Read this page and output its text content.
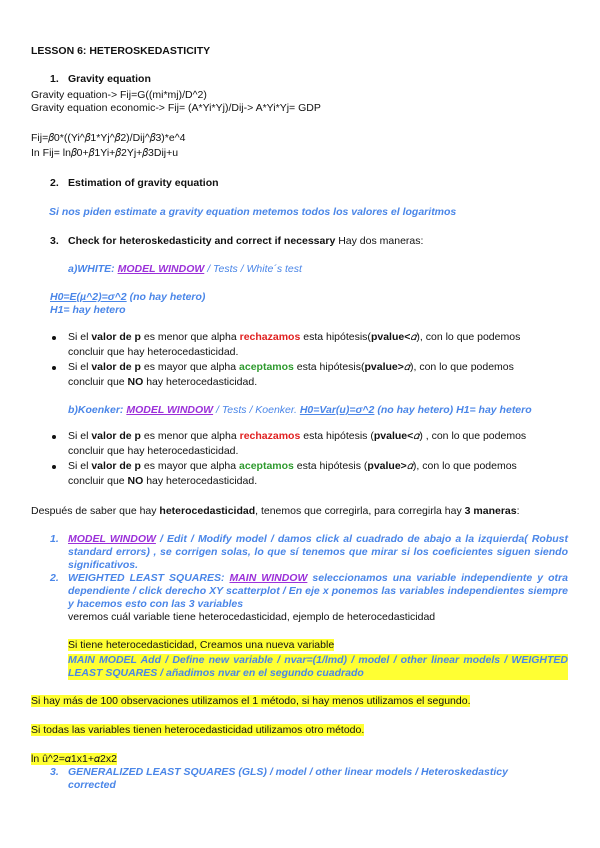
LESSON 6: HETEROSKEDASTICITY
1. Gravity equation
Gravity equation-> Fij=G((mi*mj)/D^2)
Gravity equation economic-> Fij= (A*Yi*Yj)/Dij-> A*Yi*Yj= GDP
Fij=𝛽0*((Yi^𝛽1*Yj^𝛽2)/Dij^𝛽3)*e^4
In Fij= ln𝛽0+𝛽1Yi+𝛽2Yj+𝛽3Dij+u
2. Estimation of gravity equation
Si nos piden estimate a gravity equation metemos todos los valores el logaritmos
3. Check for heteroskedasticity and correct if necessary Hay dos maneras:
a)WHITE: MODEL WINDOW / Tests / White´s test
H0=E(µ^2)=σ^2 (no hay hetero)
H1= hay hetero
Si el valor de p es menor que alpha rechazamos esta hipótesis(pvalue<𝛼), con lo que podemos
concluir que hay heterocedasticidad.
Si el valor de p es mayor que alpha aceptamos esta hipótesis(pvalue>𝛼), con lo que podemos
concluir que NO hay heterocedasticidad.
b)Koenker: MODEL WINDOW / Tests / Koenker. H0=Var(u)=σ^2 (no hay hetero) H1= hay hetero
Si el valor de p es menor que alpha rechazamos esta hipótesis (pvalue<𝛼) , con lo que podemos
concluir que hay heterocedasticidad.
Si el valor de p es mayor que alpha aceptamos esta hipótesis (pvalue>𝛼), con lo que podemos
concluir que NO hay heterocedasticidad.
Después de saber que hay heterocedasticidad, tenemos que corregirla, para corregirla hay 3 maneras:
1. MODEL WINDOW / Edit / Modify model / damos click al cuadrado de abajo a la izquierda( Robust standard errors) , se corrigen solas, lo que sí tenemos que mirar si los coeficientes siguen siendo significativos.
2. WEIGHTED LEAST SQUARES: MAIN WINDOW seleccionamos una variable independiente y otra dependiente / click derecho XY scatterplot / En eje x ponemos las variables independientes siempre y hacemos esto con las 3 variables
veremos cuál variable tiene heterocedasticidad, ejemplo de heterocedasticidad
Si tiene heterocedasticidad, Creamos una nueva variable
MAIN MODEL Add / Define new variable / nvar=(1/lmd) / model / other linear models / WEIGHTED LEAST SQUARES / añadimos nvar en el segundo cuadrado
Si hay más de 100 observaciones utilizamos el 1 método, si hay menos utilizamos el segundo.
Si todas las variables tienen heterocedasticidad utilizamos otro método.
ln û^2=𝛼1x1+𝛼2x2
3. GENERALIZED LEAST SQUARES (GLS) / model / other linear models / Heteroskedasticy
corrected
